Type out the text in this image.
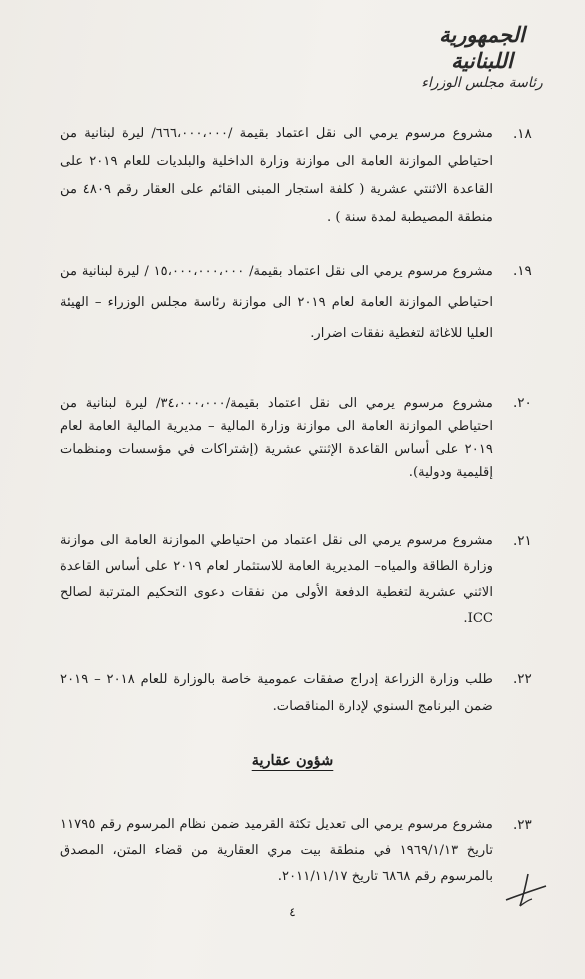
الجمهورية اللبنانية
رئاسة مجلس الوزراء
.١٨
مشروع مرسوم يرمي الى نقل اعتماد بقيمة /٦٦٦،٠٠٠،٠٠٠/ ليرة لبنانية من احتياطي الموازنة العامة الى موازنة وزارة الداخلية والبلديات للعام ٢٠١٩ على القاعدة الاثنتي عشرية ( كلفة استجار المبنى القائم على العقار رقم ٤٨٠٩ من منطقة المصيطبة لمدة سنة ) .
.١٩
مشروع مرسوم يرمي الى نقل اعتماد بقيمة/ ١٥،٠٠٠،٠٠٠،٠٠٠ / ليرة لبنانية من احتياطي الموازنة العامة لعام ٢٠١٩ الى موازنة رئاسة مجلس الوزراء – الهيئة العليا للاغاثة لتغطية نفقات اضرار.
.٢٠
مشروع مرسوم يرمي الى نقل اعتماد بقيمة/٣٤،٠٠٠،٠٠٠/ ليرة لبنانية من احتياطي الموازنة العامة الى موازنة وزارة المالية – مديرية المالية العامة لعام ٢٠١٩ على أساس القاعدة الإثنتي عشرية (إشتراكات في مؤسسات ومنظمات إقليمية ودولية).
.٢١
مشروع مرسوم يرمي الى نقل اعتماد من احتياطي الموازنة العامة الى موازنة وزارة الطاقة والمياه– المديرية العامة للاستثمار لعام ٢٠١٩ على أساس القاعدة الاثني عشرية لتغطية الدفعة الأولى من نفقات دعوى التحكيم المترتبة لصالح ICC.
.٢٢
طلب وزارة الزراعة إدراج صفقات عمومية خاصة بالوزارة للعام ٢٠١٨ – ٢٠١٩ ضمن البرنامج السنوي لإدارة المناقصات.
شؤون عقارية
.٢٣
مشروع مرسوم يرمي الى تعديل تكثة القرميد ضمن نظام المرسوم رقم ١١٧٩٥ تاريخ ١٩٦٩/١/١٣ في منطقة بيت مري العقارية من قضاء المتن، المصدق بالمرسوم رقم ٦٨٦٨ تاريخ ٢٠١١/١١/١٧.
٤
